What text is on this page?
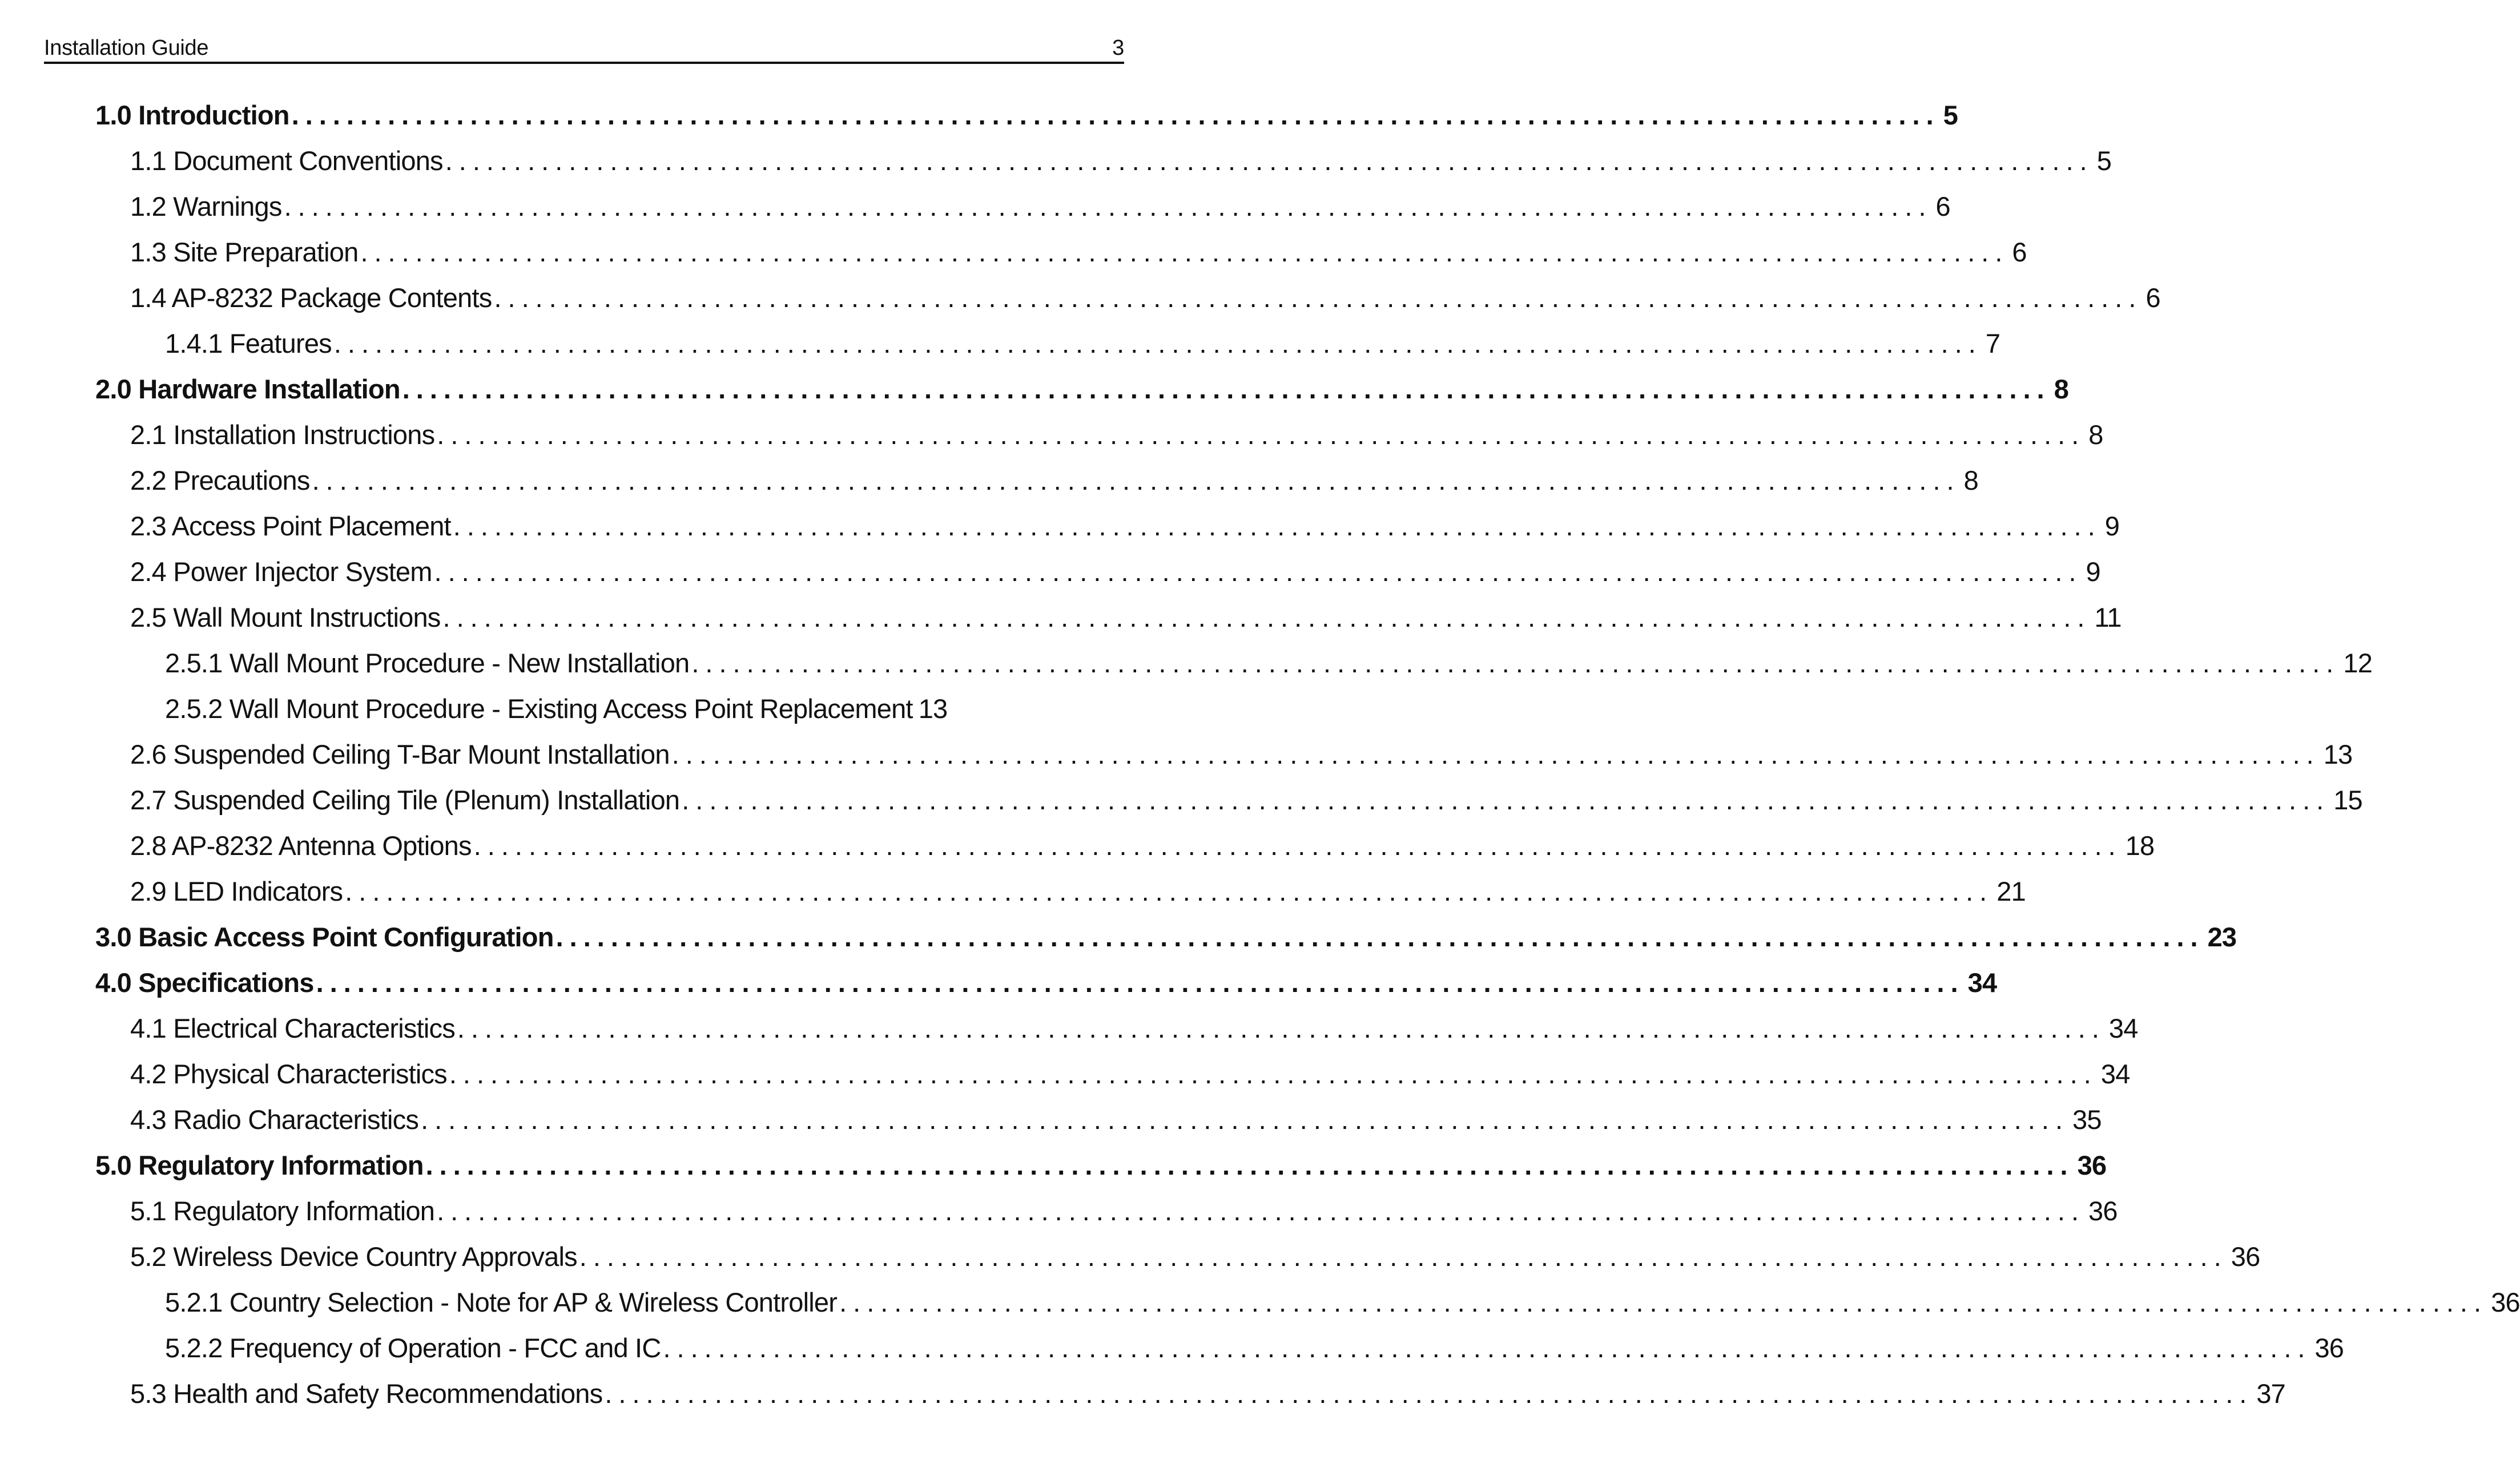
Installation Guide	3
1.0 Introduction ........................................................................................................................ 5
1.1 Document Conventions ........................................................................................................................ 5
1.2 Warnings ........................................................................................................................ 6
1.3 Site Preparation ........................................................................................................................ 6
1.4 AP-8232 Package Contents ........................................................................................................................ 6
1.4.1 Features ........................................................................................................................ 7
2.0 Hardware Installation ........................................................................................................................ 8
2.1 Installation Instructions ........................................................................................................................ 8
2.2 Precautions ........................................................................................................................ 8
2.3 Access Point Placement ........................................................................................................................ 9
2.4 Power Injector System ........................................................................................................................ 9
2.5 Wall Mount Instructions ........................................................................................................................ 11
2.5.1 Wall Mount Procedure - New Installation ........................................................................................................................ 12
2.5.2 Wall Mount Procedure - Existing Access Point Replacement 13
2.6 Suspended Ceiling T-Bar Mount Installation ........................................................................................................................ 13
2.7 Suspended Ceiling Tile (Plenum) Installation ........................................................................................................................ 15
2.8 AP-8232 Antenna Options ........................................................................................................................ 18
2.9 LED Indicators ........................................................................................................................ 21
3.0 Basic Access Point Configuration ........................................................................................................................ 23
4.0 Specifications ........................................................................................................................ 34
4.1 Electrical Characteristics ........................................................................................................................ 34
4.2 Physical Characteristics ........................................................................................................................ 34
4.3 Radio Characteristics ........................................................................................................................ 35
5.0 Regulatory Information ........................................................................................................................ 36
5.1 Regulatory Information ........................................................................................................................ 36
5.2 Wireless Device Country Approvals ........................................................................................................................ 36
5.2.1 Country Selection - Note for AP & Wireless Controller ........................................................................................................................ 36
5.2.2 Frequency of Operation - FCC and IC ........................................................................................................................ 36
5.3 Health and Safety Recommendations ........................................................................................................................ 37
